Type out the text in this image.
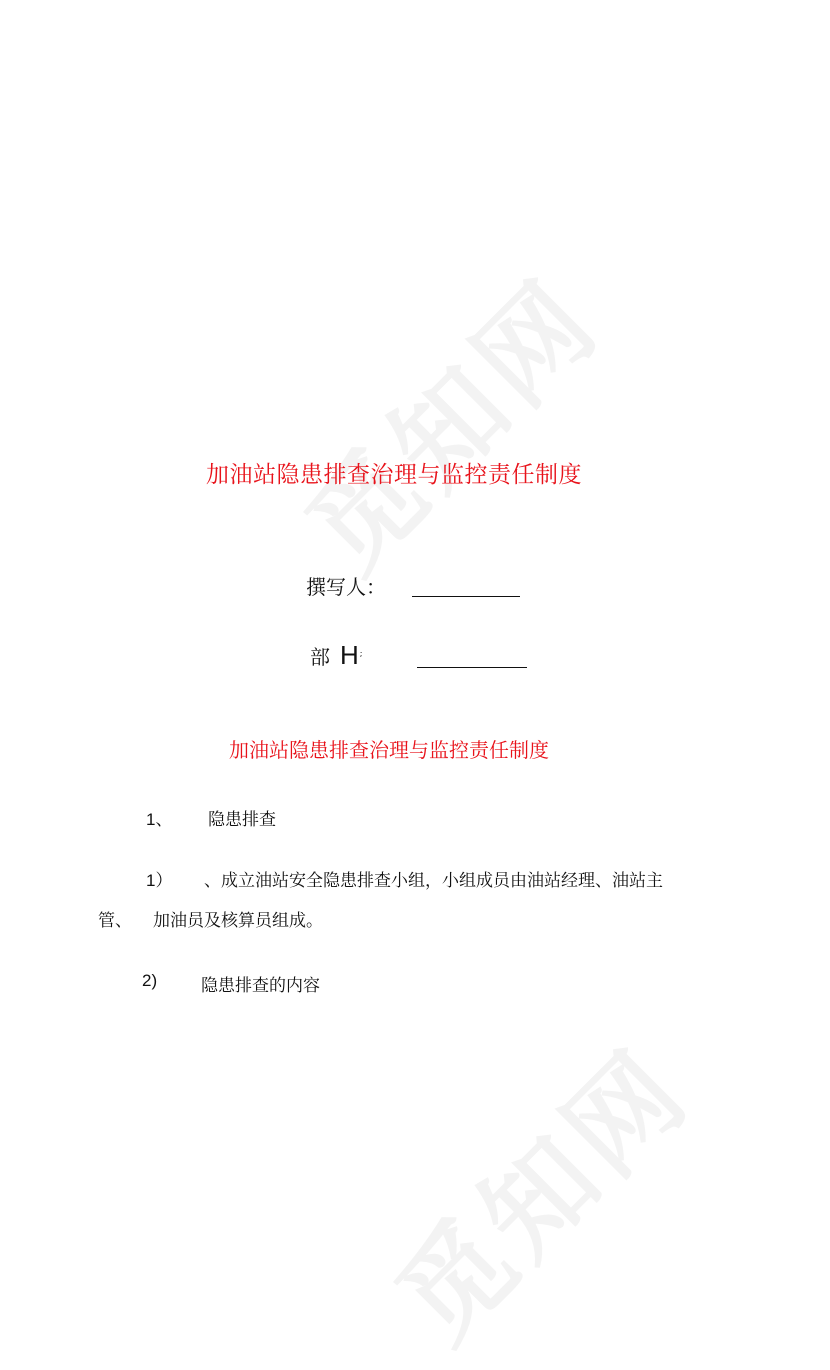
加油站隐患排查治理与监控责任制度
撰写人：
部 H;
加油站隐患排查治理与监控责任制度
1、 隐患排查
1） 、成立油站安全隐患排查小组，小组成员由油站经理、油站主
管、 加油员及核算员组成。
2)	隐患排查的内容
